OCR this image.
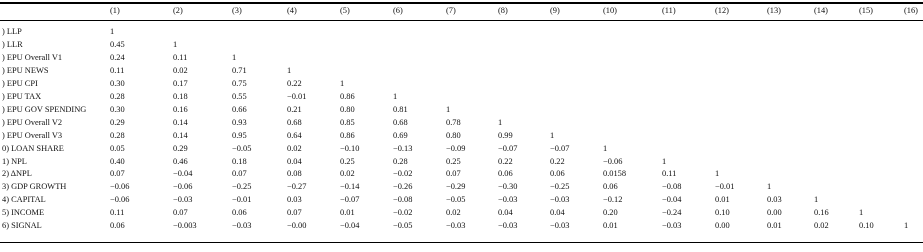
(1)	(2)	(3)	(4)	(5)	(6)	(7)	(8)	(9)	(10)	(11)	(12)	(13)	(14)	(15)	(16)
) LLP	1
) LLR	0.45	1
) EPU Overall V1	0.24	0.11	1
) EPU NEWS	0.11	0.02	0.71	1
) EPU CPI	0.30	0.17	0.75	0.22	1
) EPU TAX	0.28	0.18	0.55	−0.01	0.86	1
) EPU GOV SPENDING	0.30	0.16	0.66	0.21	0.80	0.81	1
) EPU Overall V2	0.29	0.14	0.93	0.68	0.85	0.68	0.78	1
) EPU Overall V3	0.28	0.14	0.95	0.64	0.86	0.69	0.80	0.99	1
0) LOAN SHARE	0.05	0.29	−0.05	0.02	−0.10	−0.13	−0.09	−0.07	−0.07	1
1) NPL	0.40	0.46	0.18	0.04	0.25	0.28	0.25	0.22	0.22	−0.06	1
2) ΔNPL	0.07	−0.04	0.07	0.08	0.02	−0.02	0.07	0.06	0.06	0.0158	0.11	1
3) GDP GROWTH	−0.06	−0.06	−0.25	−0.27	−0.14	−0.26	−0.29	−0.30	−0.25	0.06	−0.08	−0.01	1
4) CAPITAL	−0.06	−0.03	−0.01	0.03	−0.07	−0.08	−0.05	−0.03	−0.03	−0.12	−0.04	0.01	0.03	1
5) INCOME	0.11	0.07	0.06	0.07	0.01	−0.02	0.02	0.04	0.04	0.20	−0.24	0.10	0.00	0.16	1
6) SIGNAL	0.06	−0.003	−0.03	−0.00	−0.04	−0.05	−0.03	−0.03	−0.03	0.01	−0.03	0.00	0.01	0.02	0.10	1
